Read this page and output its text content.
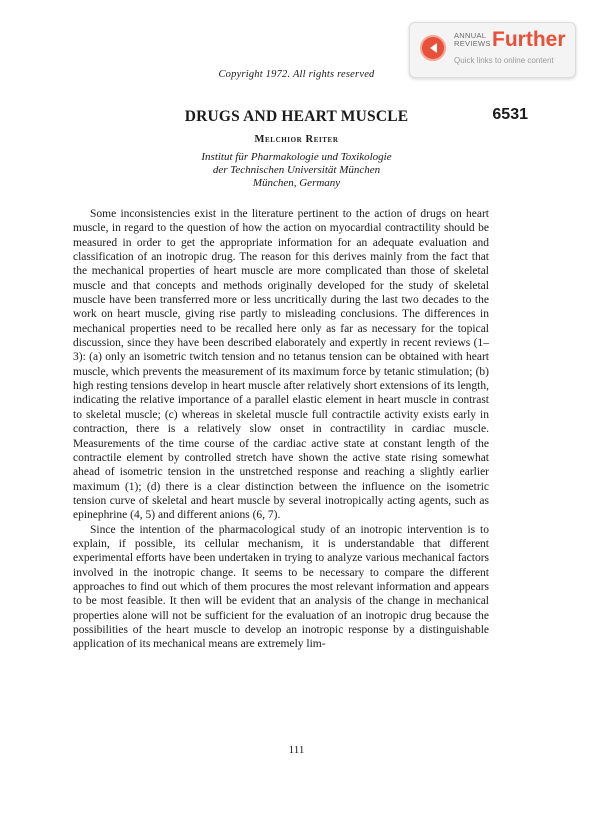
ANNUAL
REVIEWS Further
Quick links to online content
Copyright 1972. All rights reserved
DRUGS AND HEART MUSCLE	6531
Melchior Reiter
Institut für Pharmakologie und Toxikologie
der Technischen Universität München
München, Germany

Some inconsistencies exist in the literature pertinent to the action of drugs on heart muscle, in regard to the question of how the action on myocardial contractility should be measured in order to get the appropriate information for an adequate evaluation and classification of an inotropic drug. The reason for this derives mainly from the fact that the mechanical properties of heart muscle are more complicated than those of skeletal muscle and that concepts and methods originally developed for the study of skeletal muscle have been transferred more or less uncritically during the last two decades to the work on heart muscle, giving rise partly to misleading conclusions. The differences in mechanical properties need to be recalled here only as far as necessary for the topical discussion, since they have been described elaborately and expertly in recent reviews (1–3): (a) only an isometric twitch tension and no tetanus tension can be obtained with heart muscle, which prevents the measurement of its maximum force by tetanic stimulation; (b) high resting tensions develop in heart muscle after relatively short extensions of its length, indicating the relative importance of a parallel elastic element in heart muscle in contrast to skeletal muscle; (c) whereas in skeletal muscle full contractile activity exists early in contraction, there is a relatively slow onset in contractility in cardiac muscle. Measurements of the time course of the cardiac active state at constant length of the contractile element by controlled stretch have shown the active state rising somewhat ahead of isometric tension in the unstretched response and reaching a slightly earlier maximum (1); (d) there is a clear distinction between the influence on the isometric tension curve of skeletal and heart muscle by several inotropically acting agents, such as epinephrine (4, 5) and different anions (6, 7).

Since the intention of the pharmacological study of an inotropic intervention is to explain, if possible, its cellular mechanism, it is understandable that different experimental efforts have been undertaken in trying to analyze various mechanical factors involved in the inotropic change. It seems to be necessary to compare the different approaches to find out which of them procures the most relevant information and appears to be most feasible. It then will be evident that an analysis of the change in mechanical properties alone will not be sufficient for the evaluation of an inotropic drug because the possibilities of the heart muscle to develop an inotropic response by a distinguishable application of its mechanical means are extremely lim-

111
